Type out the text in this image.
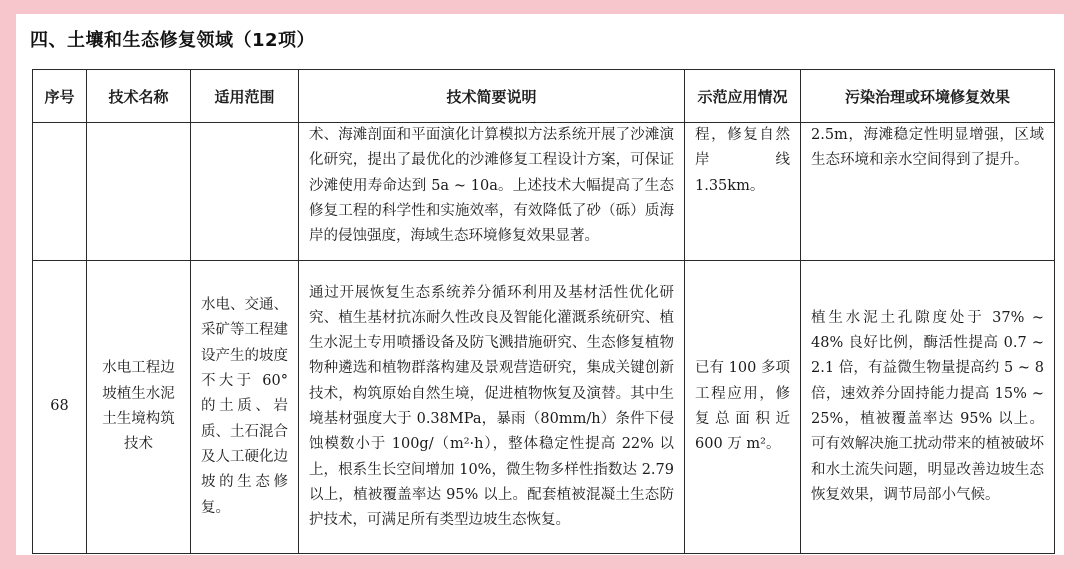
四、土壤和生态修复领域（12项）
序号	技术名称	适用范围	技术简要说明	示范应用情况	污染治理或环境修复效果
			术、海滩剖面和平面演化计算模拟方法系统开展了沙滩演化研究，提出了最优化的沙滩修复工程设计方案，可保证沙滩使用寿命达到 5a ~ 10a。上述技术大幅提高了生态修复工程的科学性和实施效率，有效降低了砂（砾）质海岸的侵蚀强度，海域生态环境修复效果显著。	程，修复自然岸线 1.35km。	2.5m，海滩稳定性明显增强，区域生态环境和亲水空间得到了提升。
68	水电工程边坡植生水泥土生境构筑技术	水电、交通、采矿等工程建设产生的坡度不大于 60° 的土质、岩质、土石混合及人工硬化边坡的生态修复。	通过开展恢复生态系统养分循环利用及基材活性优化研究、植生基材抗冻耐久性改良及智能化灌溉系统研究、植生水泥土专用喷播设备及防飞溅措施研究、生态修复植物物种遴选和植物群落构建及景观营造研究，集成关键创新技术，构筑原始自然生境，促进植物恢复及演替。其中生境基材强度大于 0.38MPa，暴雨（80mm/h）条件下侵蚀模数小于 100g/（m²·h），整体稳定性提高 22% 以上，根系生长空间增加 10%，微生物多样性指数达 2.79 以上，植被覆盖率达 95% 以上。配套植被混凝土生态防护技术，可满足所有类型边坡生态恢复。	已有 100 多项工程应用，修复总面积近 600 万 m²。	植生水泥土孔隙度处于 37% ~ 48% 良好比例，酶活性提高 0.7 ~ 2.1 倍，有益微生物量提高约 5 ~ 8 倍，速效养分固持能力提高 15% ~ 25%，植被覆盖率达 95% 以上。可有效解决施工扰动带来的植被破坏和水土流失问题，明显改善边坡生态恢复效果，调节局部小气候。
